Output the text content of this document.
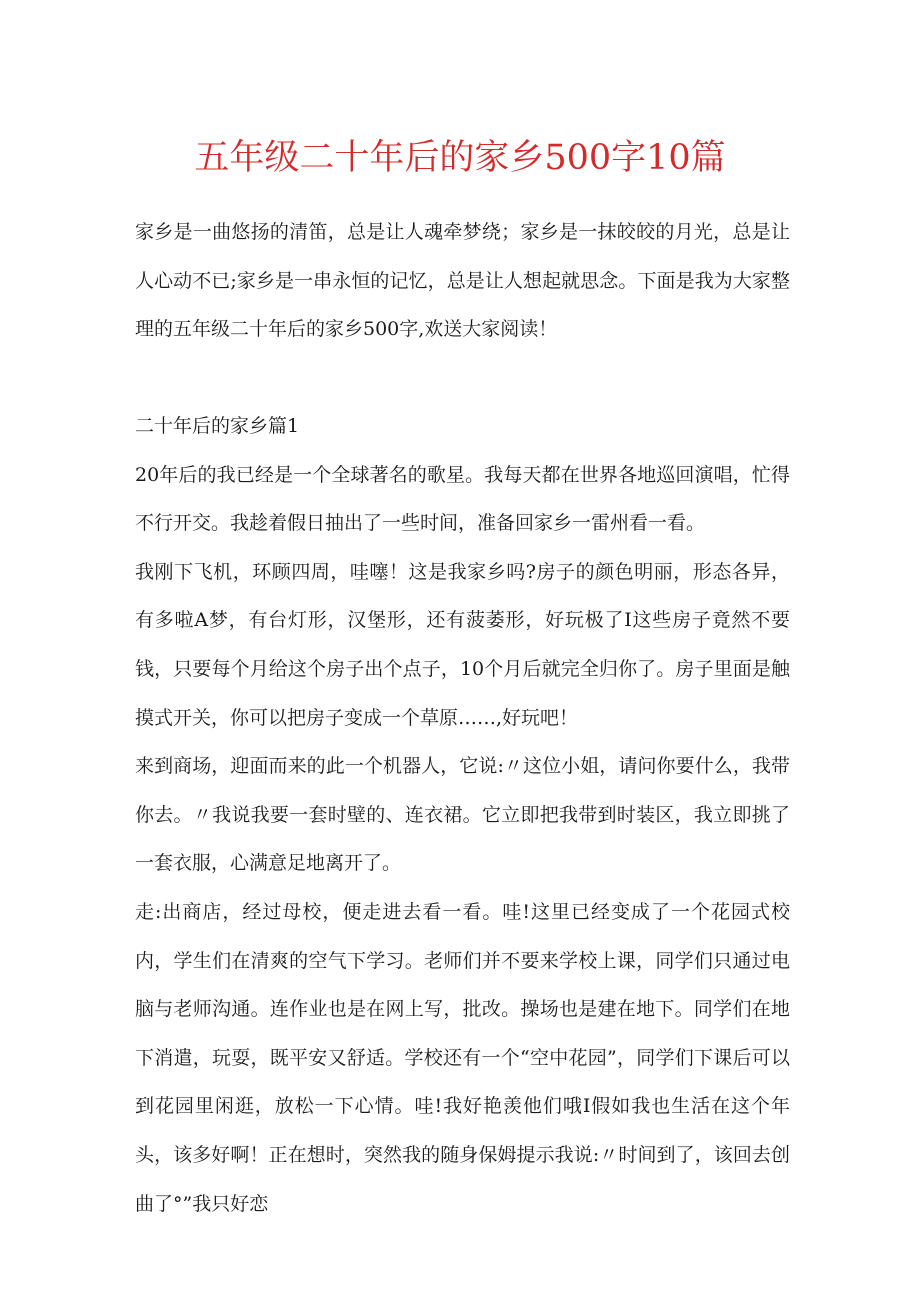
五年级二十年后的家乡500字10篇

家乡是一曲悠扬的清笛，总是让人魂牵梦绕；家乡是一抹皎皎的月光，总是让人心动不已;家乡是一串永恒的记忆，总是让人想起就思念。下面是我为大家整理的五年级二十年后的家乡500字,欢送大家阅读！

二十年后的家乡篇1

20年后的我已经是一个全球著名的歌星。我每天都在世界各地巡回演唱，忙得不行开交。我趁着假日抽出了一些时间，准备回家乡一雷州看一看。

我刚下飞机，环顾四周，哇噻！这是我家乡吗?房子的颜色明丽，形态各异，有多啦A梦，有台灯形，汉堡形，还有菠萎形，好玩极了I这些房子竟然不要钱，只要每个月给这个房子出个点子，10个月后就完全归你了。房子里面是触摸式开关，你可以把房子变成一个草原……,好玩吧！

来到商场，迎面而来的此一个机器人，它说:〃这位小姐，请问你要什么，我带你去。〃我说我要一套时壁的、连衣裙。它立即把我带到时装区，我立即挑了一套衣服，心满意足地离开了。

走:出商店，经过母校，便走进去看一看。哇!这里已经变成了一个花园式校内，学生们在清爽的空气下学习。老师们并不要来学校上课，同学们只通过电脑与老师沟通。连作业也是在网上写，批改。操场也是建在地下。同学们在地下消遣，玩耍，既平安又舒适。学校还有一个“空中花园”，同学们下课后可以到花园里闲逛，放松一下心情。哇!我好艳羡他们哦I假如我也生活在这个年头，该多好啊！正在想时，突然我的随身保姆提示我说:〃时间到了，该回去创曲了°”我只好恋
